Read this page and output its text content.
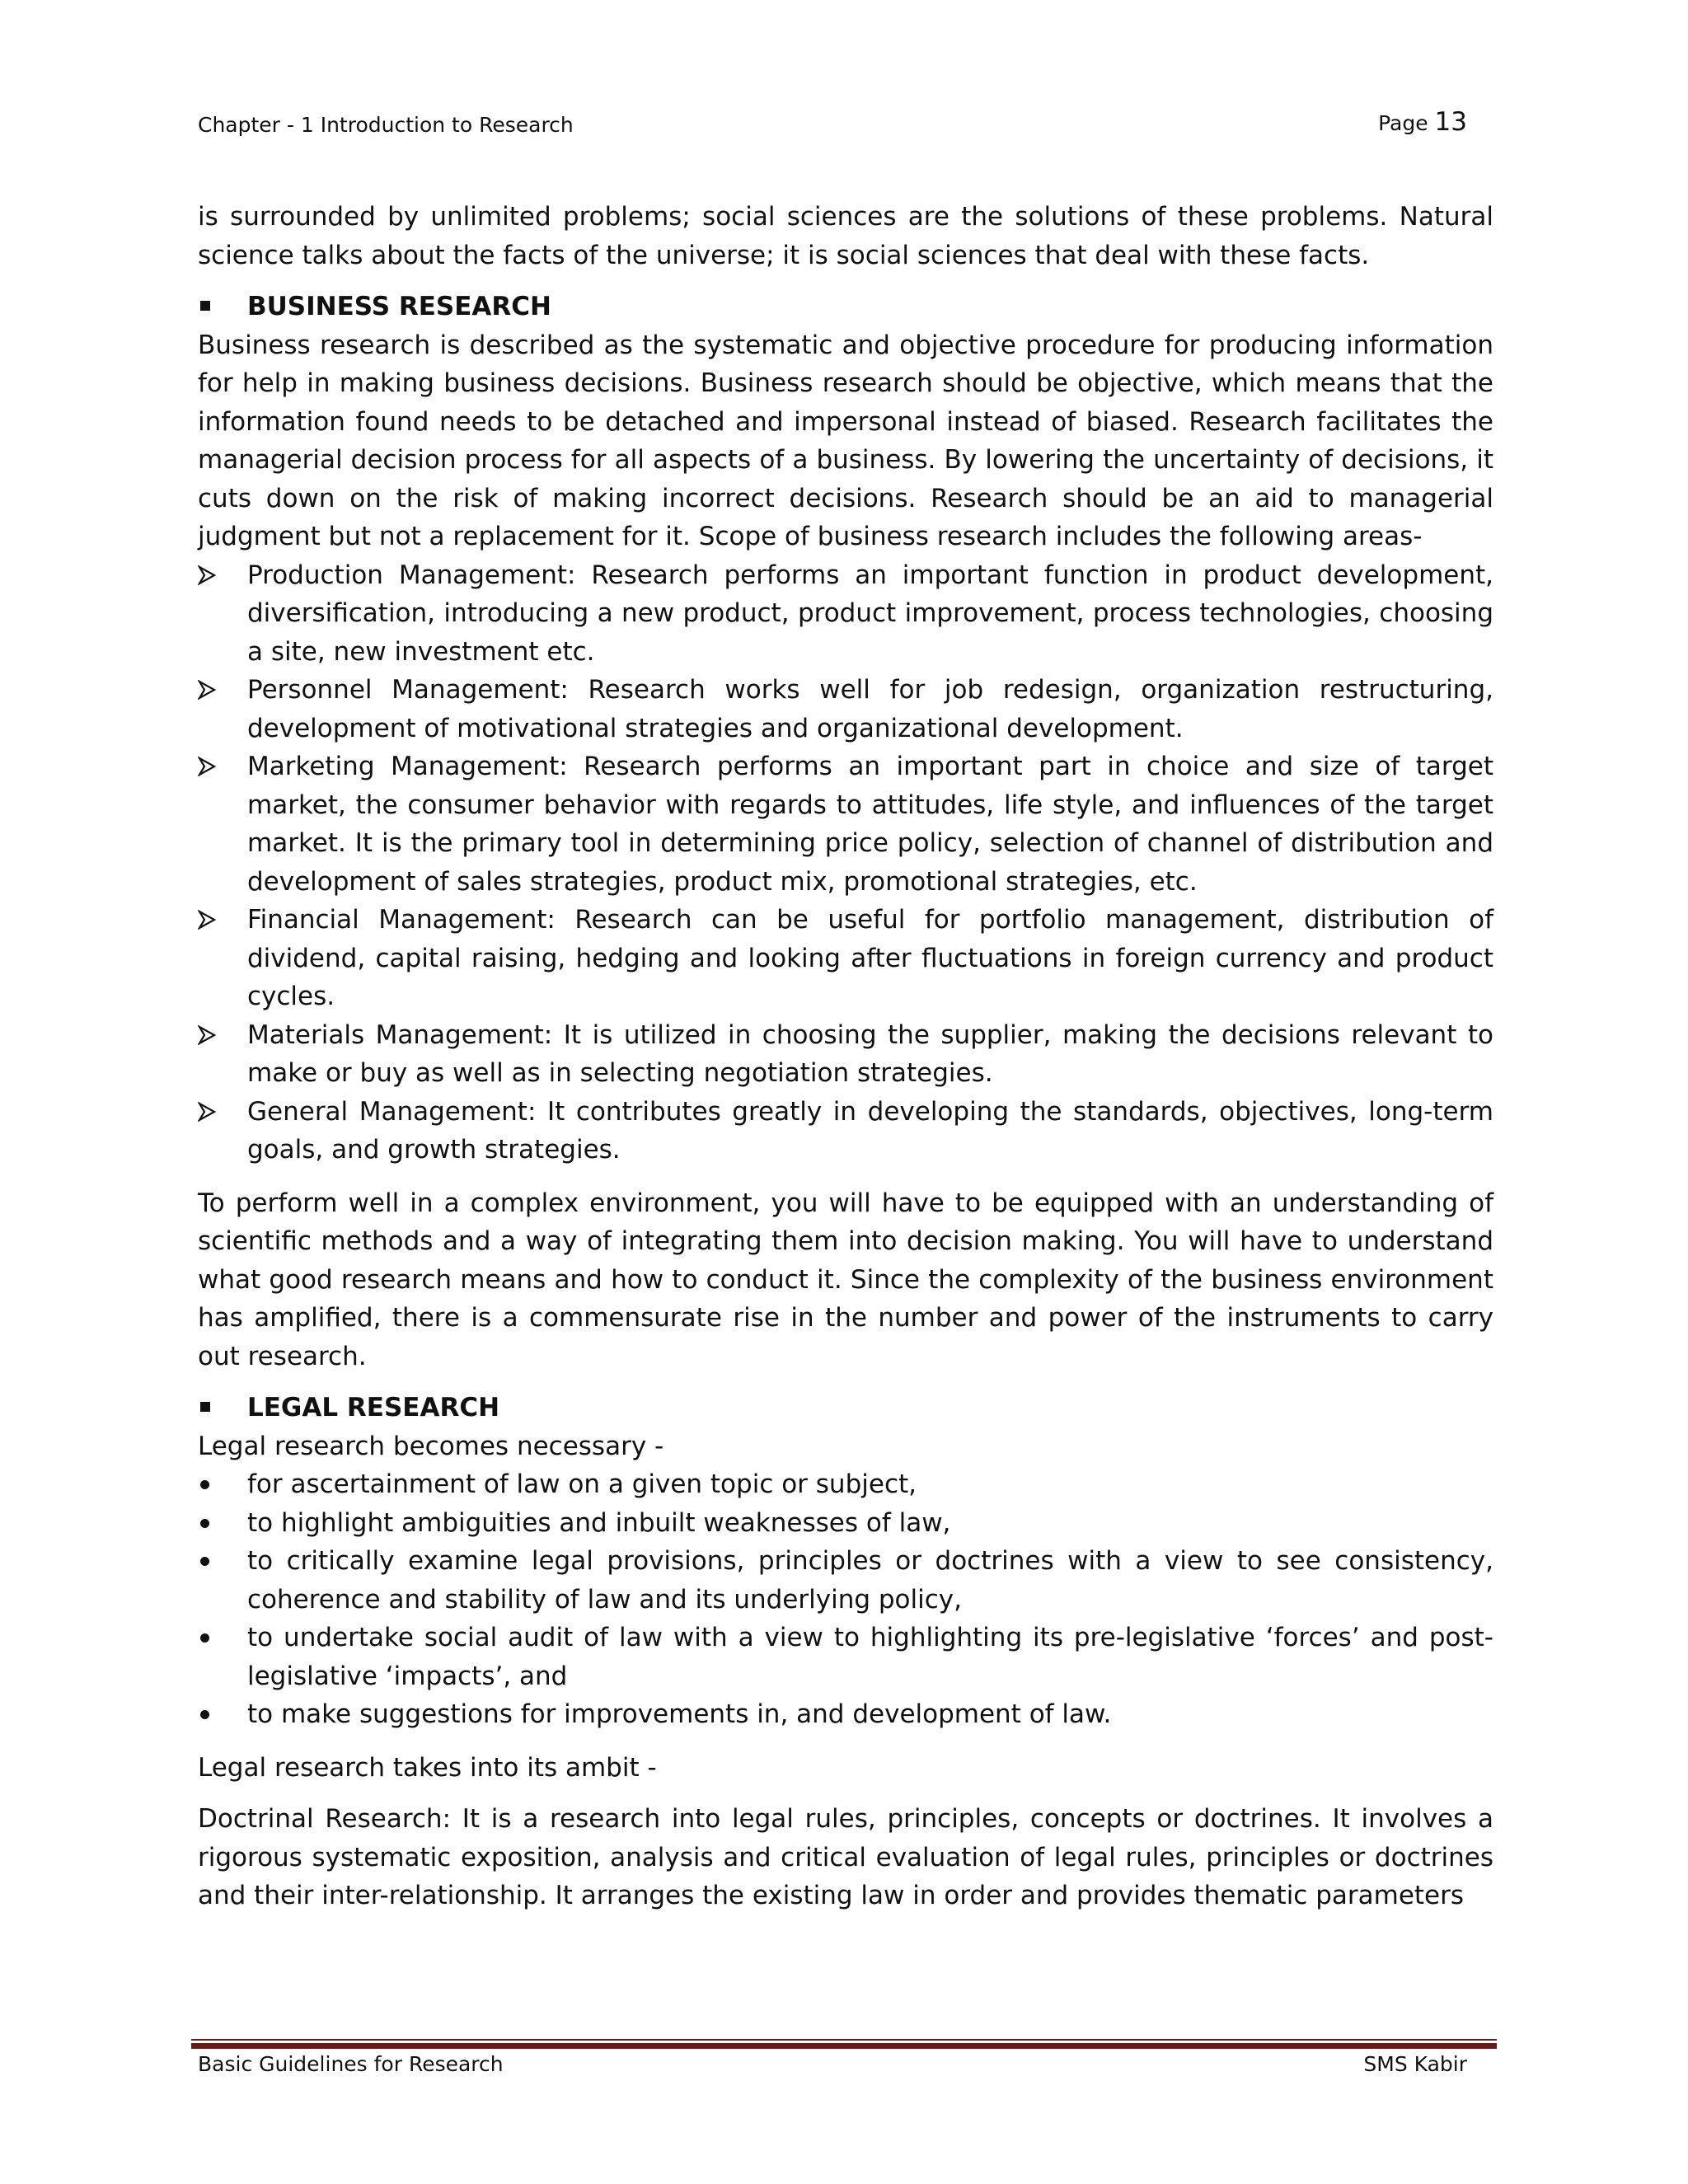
Chapter - 1 Introduction to Research	Page 13

is surrounded by unlimited problems; social sciences are the solutions of these problems. Natural science talks about the facts of the universe; it is social sciences that deal with these facts.

BUSINESS RESEARCH

Business research is described as the systematic and objective procedure for producing information for help in making business decisions. Business research should be objective, which means that the information found needs to be detached and impersonal instead of biased. Research facilitates the managerial decision process for all aspects of a business. By lowering the uncertainty of decisions, it cuts down on the risk of making incorrect decisions. Research should be an aid to managerial judgment but not a replacement for it. Scope of business research includes the following areas-

Production Management: Research performs an important function in product development, diversification, introducing a new product, product improvement, process technologies, choosing a site, new investment etc.
Personnel Management: Research works well for job redesign, organization restructuring, development of motivational strategies and organizational development.
Marketing Management: Research performs an important part in choice and size of target market, the consumer behavior with regards to attitudes, life style, and influences of the target market. It is the primary tool in determining price policy, selection of channel of distribution and development of sales strategies, product mix, promotional strategies, etc.
Financial Management: Research can be useful for portfolio management, distribution of dividend, capital raising, hedging and looking after fluctuations in foreign currency and product cycles.
Materials Management: It is utilized in choosing the supplier, making the decisions relevant to make or buy as well as in selecting negotiation strategies.
General Management: It contributes greatly in developing the standards, objectives, long-term goals, and growth strategies.

To perform well in a complex environment, you will have to be equipped with an understanding of scientific methods and a way of integrating them into decision making. You will have to understand what good research means and how to conduct it. Since the complexity of the business environment has amplified, there is a commensurate rise in the number and power of the instruments to carry out research.

LEGAL RESEARCH

Legal research becomes necessary -

for ascertainment of law on a given topic or subject,
to highlight ambiguities and inbuilt weaknesses of law,
to critically examine legal provisions, principles or doctrines with a view to see consistency, coherence and stability of law and its underlying policy,
to undertake social audit of law with a view to highlighting its pre-legislative ‘forces’ and post-legislative ‘impacts’, and
to make suggestions for improvements in, and development of law.

Legal research takes into its ambit -

Doctrinal Research: It is a research into legal rules, principles, concepts or doctrines. It involves a rigorous systematic exposition, analysis and critical evaluation of legal rules, principles or doctrines and their inter-relationship. It arranges the existing law in order and provides thematic parameters

Basic Guidelines for Research	SMS Kabir
